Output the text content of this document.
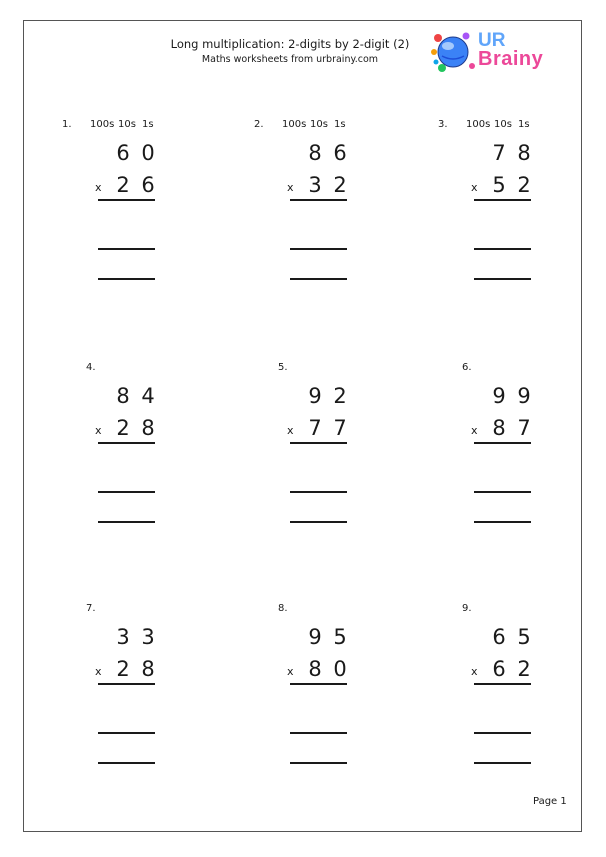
Long multiplication: 2-digits by 2-digit (2)
Maths worksheets from urbrainy.com
UR
Brainy
1. 100s 10s 1s
6 0
x 2 6
2. 100s 10s 1s
8 6
x 3 2
3. 100s 10s 1s
7 8
x 5 2
4.
8 4
x 2 8
5.
9 2
x 7 7
6.
9 9
x 8 7
7.
3 3
x 2 8
8.
9 5
x 8 0
9.
6 5
x 6 2
Page 1
